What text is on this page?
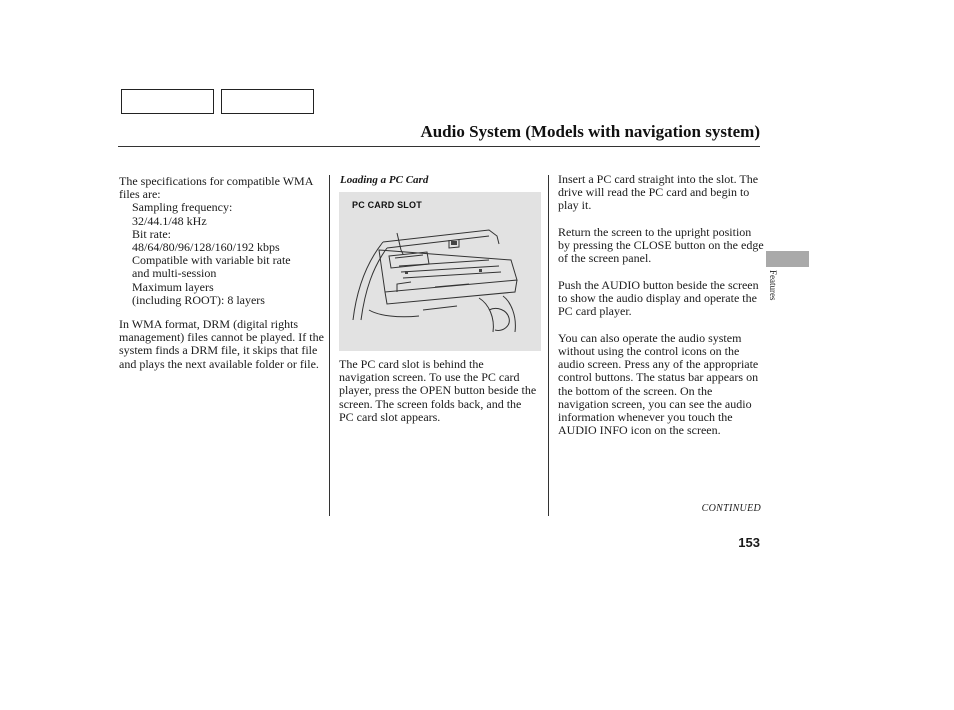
Audio System (Models with navigation system)

The specifications for compatible WMA files are:

Sampling frequency:
32/44.1/48 kHz
Bit rate:
48/64/80/96/128/160/192 kbps
Compatible with variable bit rate
and multi-session
Maximum layers
(including ROOT): 8 layers

In WMA format, DRM (digital rights management) files cannot be played. If the system finds a DRM file, it skips that file and plays the next available folder or file.

Loading a PC Card

PC CARD SLOT

The PC card slot is behind the navigation screen. To use the PC card player, press the OPEN button beside the screen. The screen folds back, and the PC card slot appears.

Insert a PC card straight into the slot. The drive will read the PC card and begin to play it.

Return the screen to the upright position by pressing the CLOSE button on the edge of the screen panel.

Push the AUDIO button beside the screen to show the audio display and operate the PC card player.

You can also operate the audio system without using the control icons on the audio screen. Press any of the appropriate control buttons. The status bar appears on the bottom of the screen. On the navigation screen, you can see the audio information whenever you touch the AUDIO INFO icon on the screen.

Features

CONTINUED

153
